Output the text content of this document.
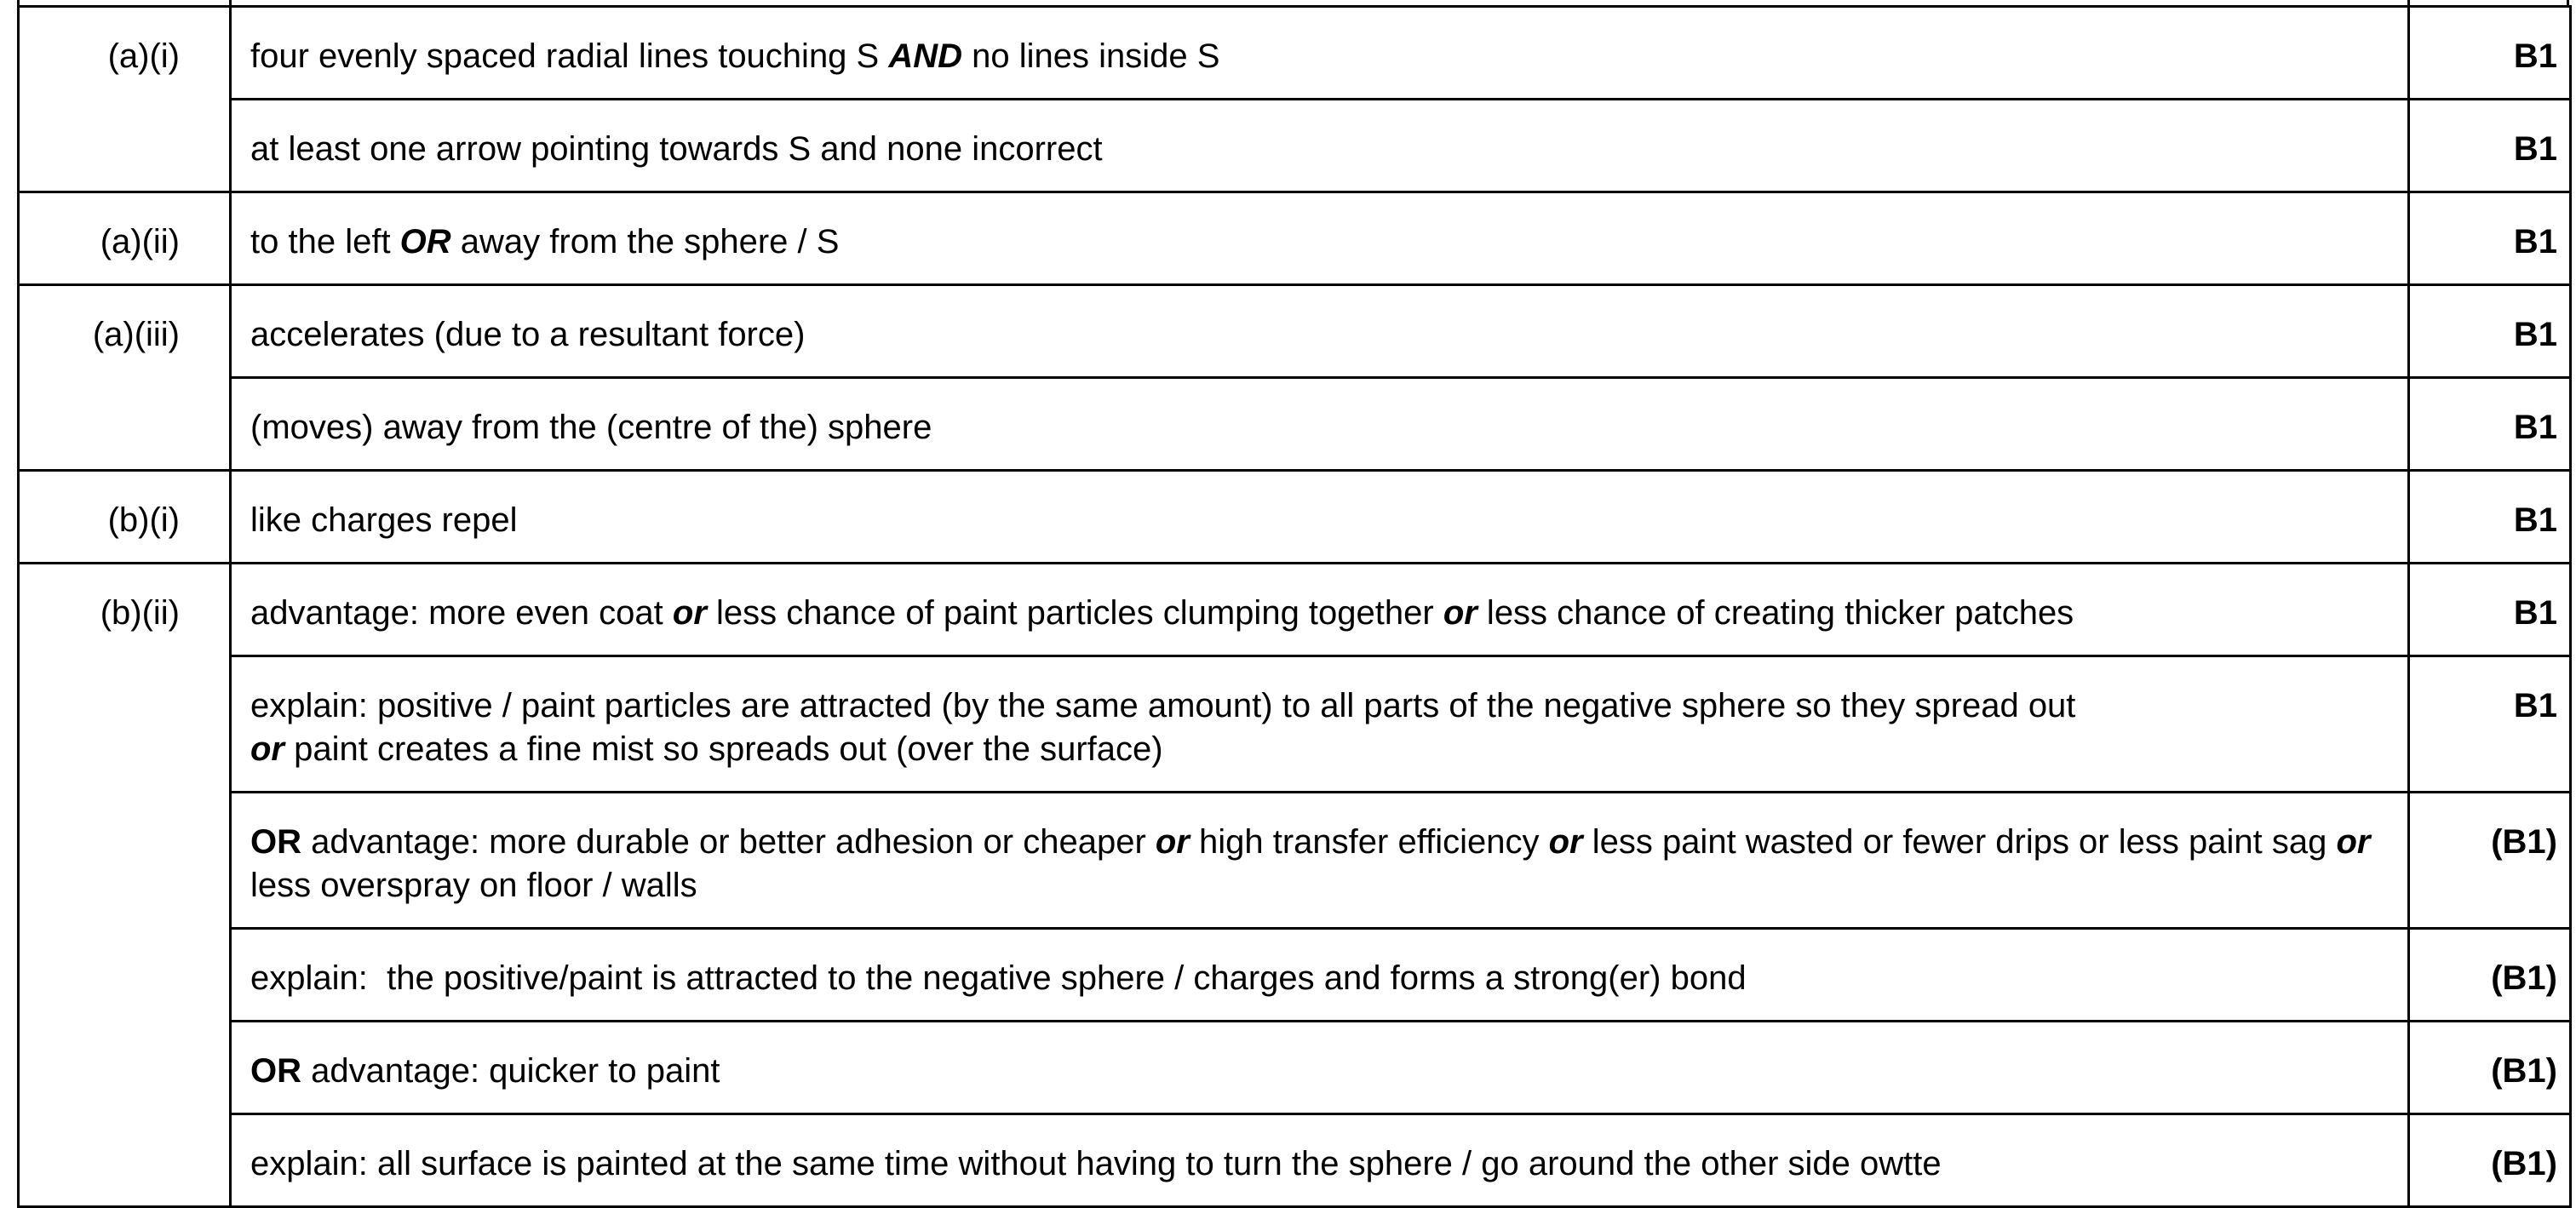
(a)(i)	four evenly spaced radial lines touching S AND no lines inside S	B1
	at least one arrow pointing towards S and none incorrect	B1
(a)(ii)	to the left OR away from the sphere / S	B1
(a)(iii)	accelerates (due to a resultant force)	B1
	(moves) away from the (centre of the) sphere	B1
(b)(i)	like charges repel	B1
(b)(ii)	advantage: more even coat or less chance of paint particles clumping together or less chance of creating thicker patches	B1
	explain: positive / paint particles are attracted (by the same amount) to all parts of the negative sphere so they spread out
or paint creates a fine mist so spreads out (over the surface)	B1
	OR advantage: more durable or better adhesion or cheaper or high transfer efficiency or less paint wasted or fewer drips or less paint sag or less overspray on floor / walls	(B1)
	explain:  the positive/paint is attracted to the negative sphere / charges and forms a strong(er) bond	(B1)
	OR advantage: quicker to paint	(B1)
	explain: all surface is painted at the same time without having to turn the sphere / go around the other side owtte	(B1)
